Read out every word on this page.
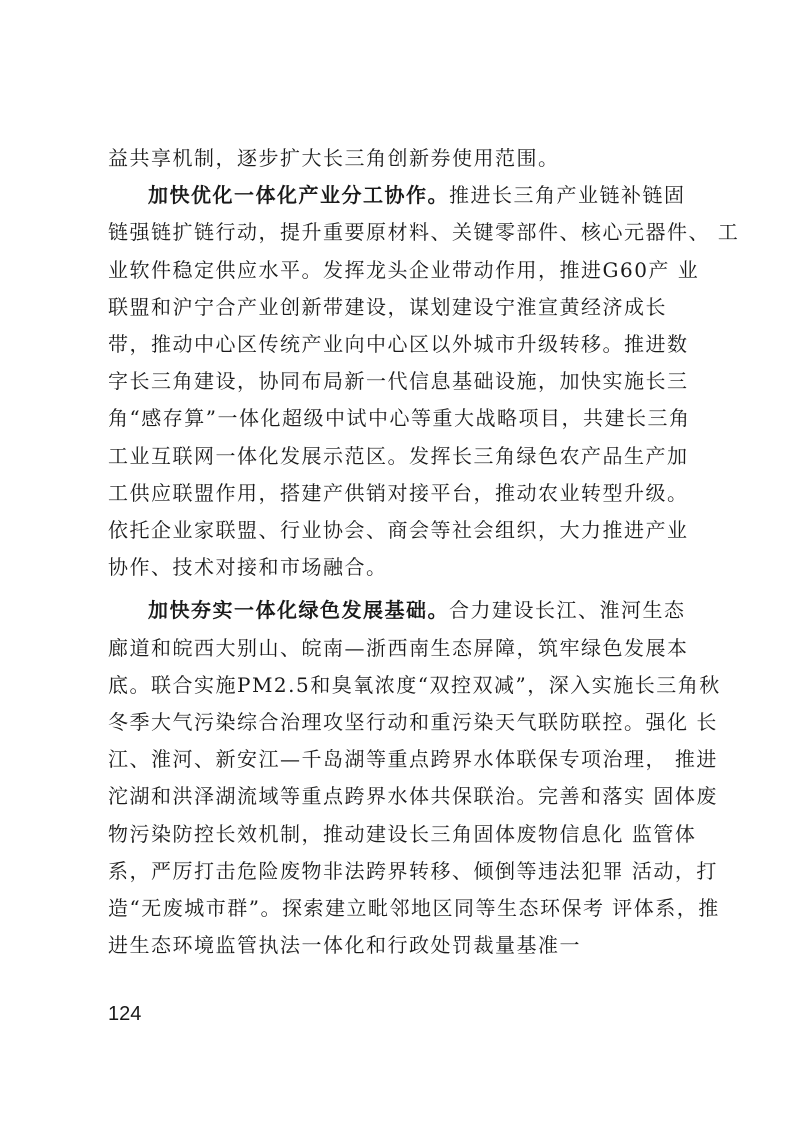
益共享机制，逐步扩大长三角创新券使用范围。
加快优化一体化产业分工协作。推进长三角产业链补链固
链强链扩链行动，提升重要原材料、关键零部件、核心元器件、 工
业软件稳定供应水平。发挥龙头企业带动作用，推进G60产 业
联盟和沪宁合产业创新带建设，谋划建设宁淮宣黄经济成长
带，推动中心区传统产业向中心区以外城市升级转移。推进数
字长三角建设，协同布局新一代信息基础设施，加快实施长三
角“感存算”一体化超级中试中心等重大战略项目，共建长三角
工业互联网一体化发展示范区。发挥长三角绿色农产品生产加
工供应联盟作用，搭建产供销对接平台，推动农业转型升级。
依托企业家联盟、行业协会、商会等社会组织，大力推进产业
协作、技术对接和市场融合。
加快夯实一体化绿色发展基础。合力建设长江、淮河生态
廊道和皖西大别山、皖南—浙西南生态屏障，筑牢绿色发展本
底。联合实施PM2.5和臭氧浓度“双控双减”，深入实施长三角秋
冬季大气污染综合治理攻坚行动和重污染天气联防联控。强化 长
江、淮河、新安江—千岛湖等重点跨界水体联保专项治理， 推进
沱湖和洪泽湖流域等重点跨界水体共保联治。完善和落实 固体废
物污染防控长效机制，推动建设长三角固体废物信息化 监管体
系，严厉打击危险废物非法跨界转移、倾倒等违法犯罪 活动，打
造“无废城市群”。探索建立毗邻地区同等生态环保考 评体系，推
进生态环境监管执法一体化和行政处罚裁量基准一
124
